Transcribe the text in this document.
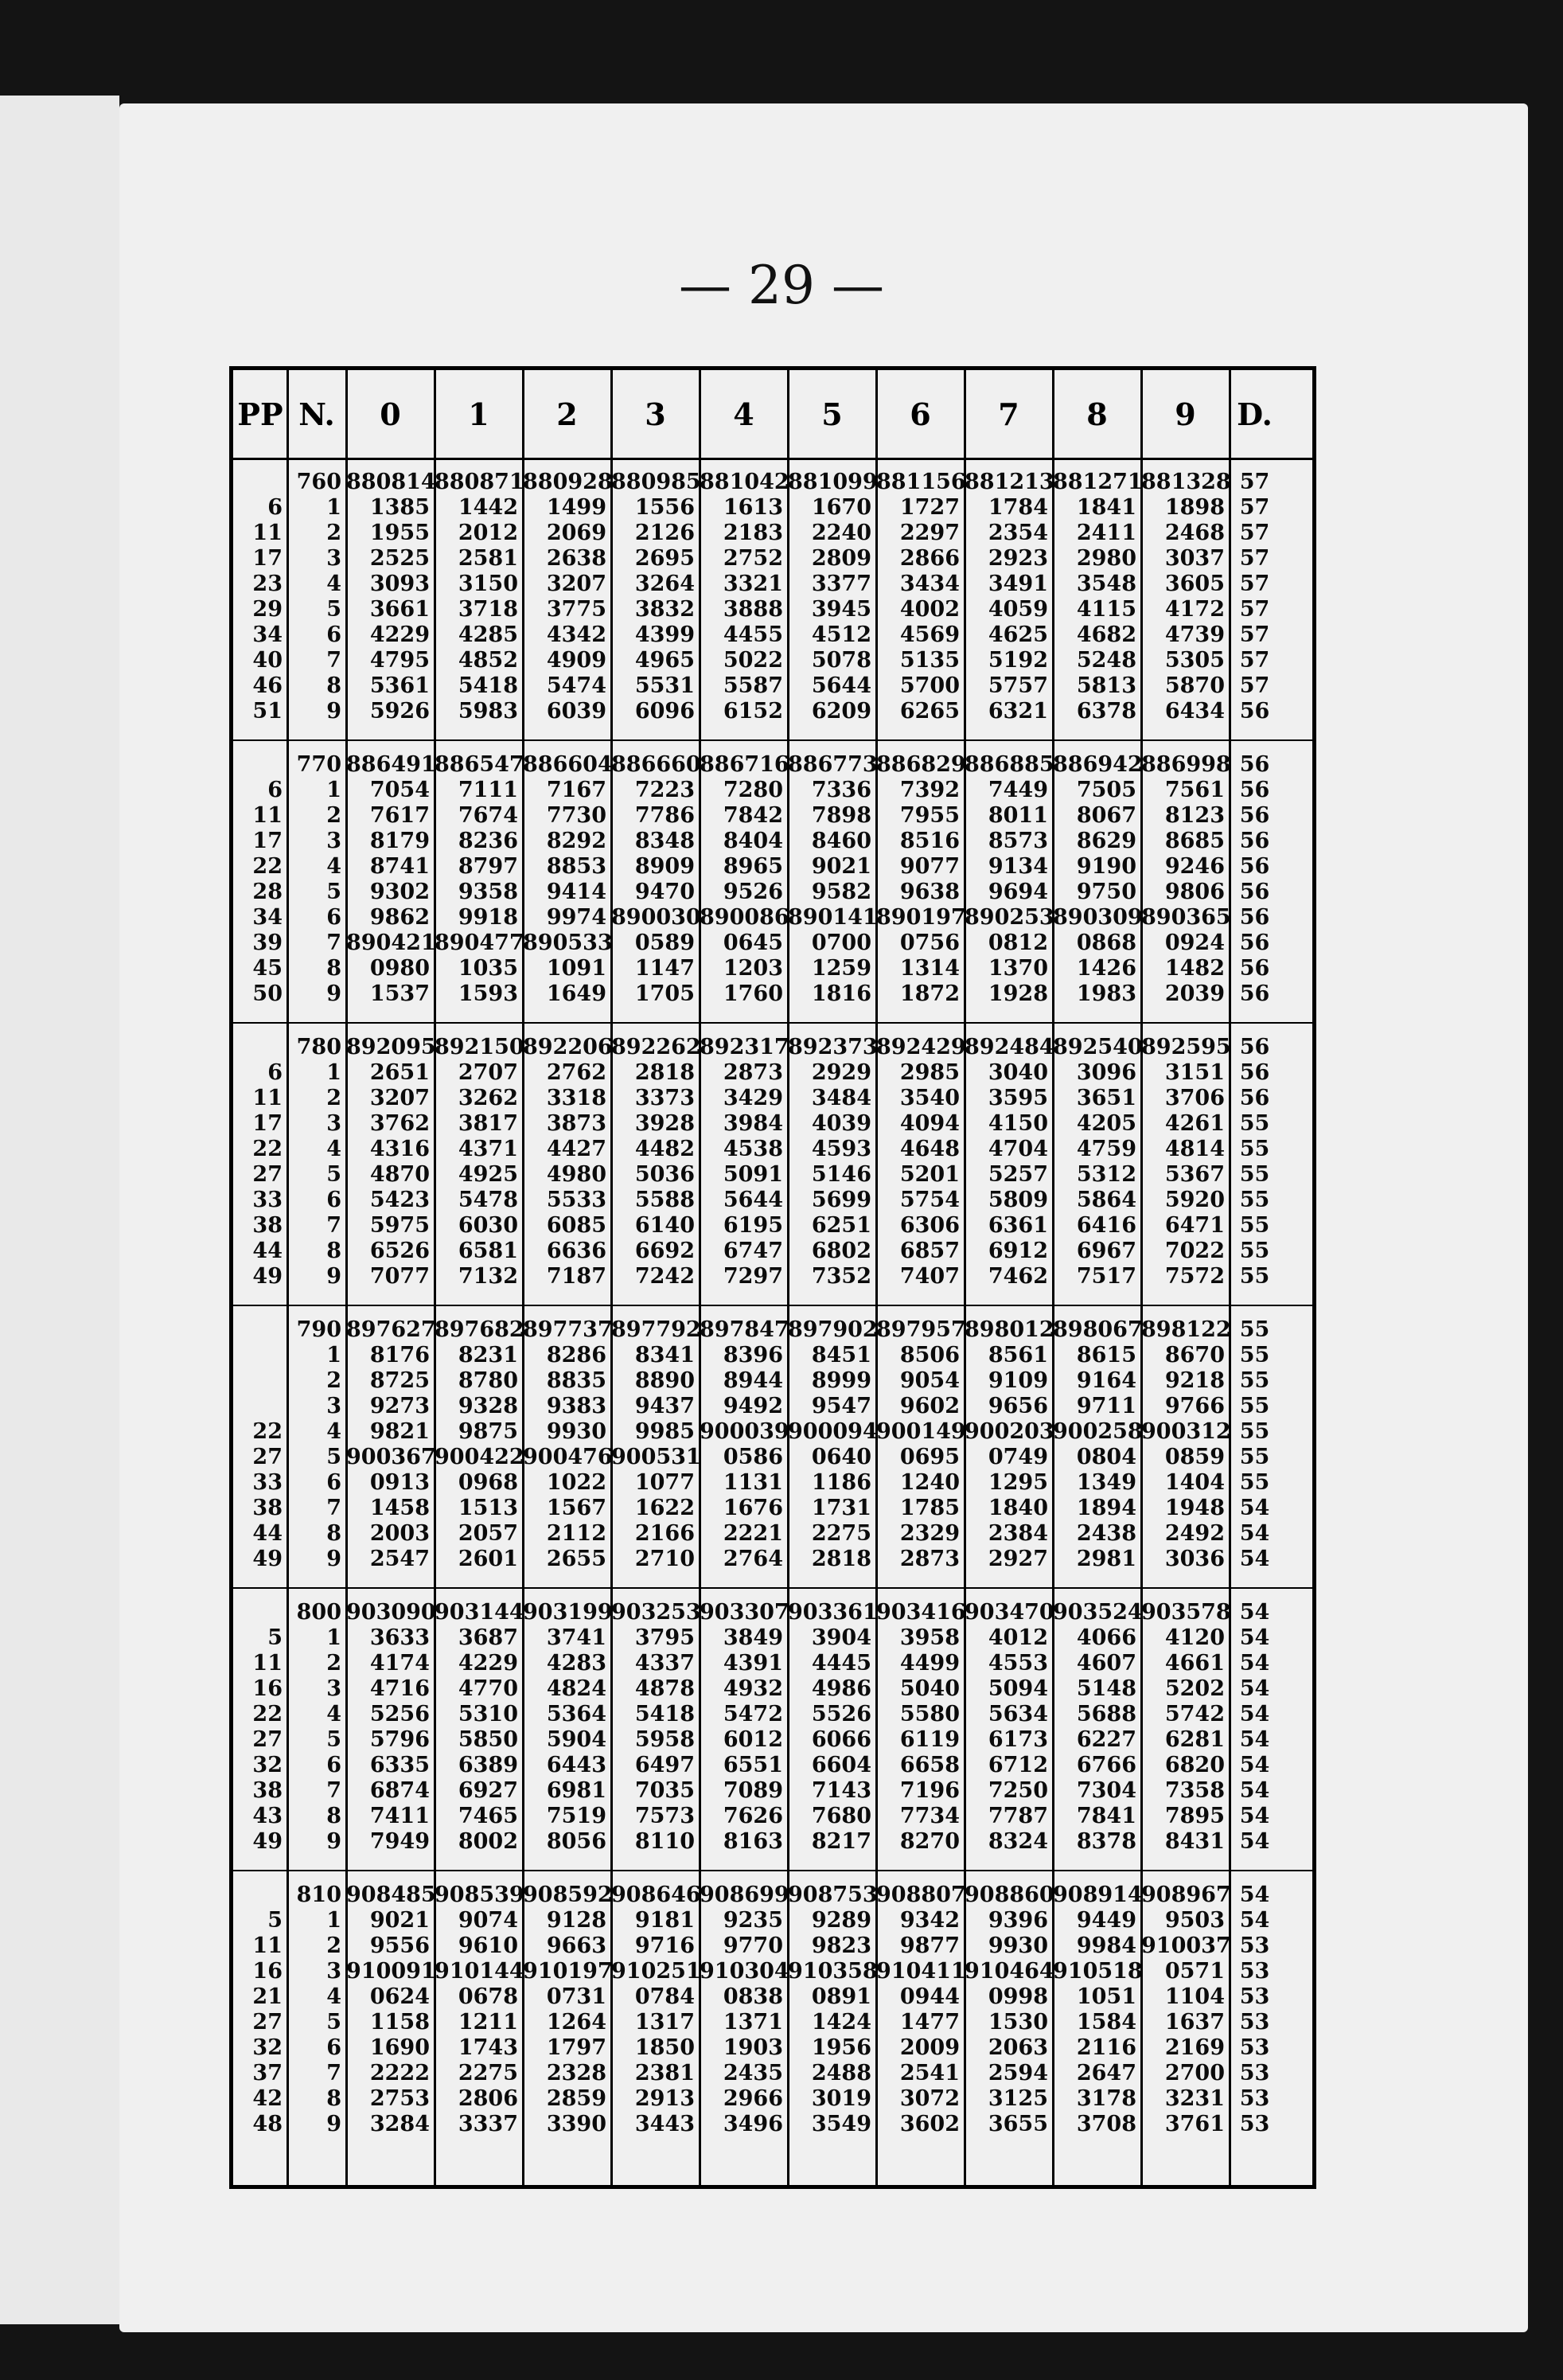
— 29 —
PP
6
11
17
23
29
34
40
46
51
6
11
17
22
28
34
39
45
50
6
11
17
22
27
33
38
44
49
22
27
33
38
44
49
5
11
16
22
27
32
38
43
49
5
11
16
21
27
32
37
42
48
N.
760
1
2
3
4
5
6
7
8
9
770
1
2
3
4
5
6
7
8
9
780
1
2
3
4
5
6
7
8
9
790
1
2
3
4
5
6
7
8
9
800
1
2
3
4
5
6
7
8
9
810
1
2
3
4
5
6
7
8
9
0
880814
1385
1955
2525
3093
3661
4229
4795
5361
5926
886491
7054
7617
8179
8741
9302
9862
890421
0980
1537
892095
2651
3207
3762
4316
4870
5423
5975
6526
7077
897627
8176
8725
9273
9821
900367
0913
1458
2003
2547
903090
3633
4174
4716
5256
5796
6335
6874
7411
7949
908485
9021
9556
910091
0624
1158
1690
2222
2753
3284
1
880871
1442
2012
2581
3150
3718
4285
4852
5418
5983
886547
7111
7674
8236
8797
9358
9918
890477
1035
1593
892150
2707
3262
3817
4371
4925
5478
6030
6581
7132
897682
8231
8780
9328
9875
900422
0968
1513
2057
2601
903144
3687
4229
4770
5310
5850
6389
6927
7465
8002
908539
9074
9610
910144
0678
1211
1743
2275
2806
3337
2
880928
1499
2069
2638
3207
3775
4342
4909
5474
6039
886604
7167
7730
8292
8853
9414
9974
890533
1091
1649
892206
2762
3318
3873
4427
4980
5533
6085
6636
7187
897737
8286
8835
9383
9930
900476
1022
1567
2112
2655
903199
3741
4283
4824
5364
5904
6443
6981
7519
8056
908592
9128
9663
910197
0731
1264
1797
2328
2859
3390
3
880985
1556
2126
2695
3264
3832
4399
4965
5531
6096
886660
7223
7786
8348
8909
9470
890030
0589
1147
1705
892262
2818
3373
3928
4482
5036
5588
6140
6692
7242
897792
8341
8890
9437
9985
900531
1077
1622
2166
2710
903253
3795
4337
4878
5418
5958
6497
7035
7573
8110
908646
9181
9716
910251
0784
1317
1850
2381
2913
3443
4
881042
1613
2183
2752
3321
3888
4455
5022
5587
6152
886716
7280
7842
8404
8965
9526
890086
0645
1203
1760
892317
2873
3429
3984
4538
5091
5644
6195
6747
7297
897847
8396
8944
9492
900039
0586
1131
1676
2221
2764
903307
3849
4391
4932
5472
6012
6551
7089
7626
8163
908699
9235
9770
910304
0838
1371
1903
2435
2966
3496
5
881099
1670
2240
2809
3377
3945
4512
5078
5644
6209
886773
7336
7898
8460
9021
9582
890141
0700
1259
1816
892373
2929
3484
4039
4593
5146
5699
6251
6802
7352
897902
8451
8999
9547
900094
0640
1186
1731
2275
2818
903361
3904
4445
4986
5526
6066
6604
7143
7680
8217
908753
9289
9823
910358
0891
1424
1956
2488
3019
3549
6
881156
1727
2297
2866
3434
4002
4569
5135
5700
6265
886829
7392
7955
8516
9077
9638
890197
0756
1314
1872
892429
2985
3540
4094
4648
5201
5754
6306
6857
7407
897957
8506
9054
9602
900149
0695
1240
1785
2329
2873
903416
3958
4499
5040
5580
6119
6658
7196
7734
8270
908807
9342
9877
910411
0944
1477
2009
2541
3072
3602
7
881213
1784
2354
2923
3491
4059
4625
5192
5757
6321
886885
7449
8011
8573
9134
9694
890253
0812
1370
1928
892484
3040
3595
4150
4704
5257
5809
6361
6912
7462
898012
8561
9109
9656
900203
0749
1295
1840
2384
2927
903470
4012
4553
5094
5634
6173
6712
7250
7787
8324
908860
9396
9930
910464
0998
1530
2063
2594
3125
3655
8
881271
1841
2411
2980
3548
4115
4682
5248
5813
6378
886942
7505
8067
8629
9190
9750
890309
0868
1426
1983
892540
3096
3651
4205
4759
5312
5864
6416
6967
7517
898067
8615
9164
9711
900258
0804
1349
1894
2438
2981
903524
4066
4607
5148
5688
6227
6766
7304
7841
8378
908914
9449
9984
910518
1051
1584
2116
2647
3178
3708
9
881328
1898
2468
3037
3605
4172
4739
5305
5870
6434
886998
7561
8123
8685
9246
9806
890365
0924
1482
2039
892595
3151
3706
4261
4814
5367
5920
6471
7022
7572
898122
8670
9218
9766
900312
0859
1404
1948
2492
3036
903578
4120
4661
5202
5742
6281
6820
7358
7895
8431
908967
9503
910037
0571
1104
1637
2169
2700
3231
3761
D.
57
57
57
57
57
57
57
57
57
56
56
56
56
56
56
56
56
56
56
56
56
56
56
55
55
55
55
55
55
55
55
55
55
55
55
55
55
54
54
54
54
54
54
54
54
54
54
54
54
54
54
54
53
53
53
53
53
53
53
53
